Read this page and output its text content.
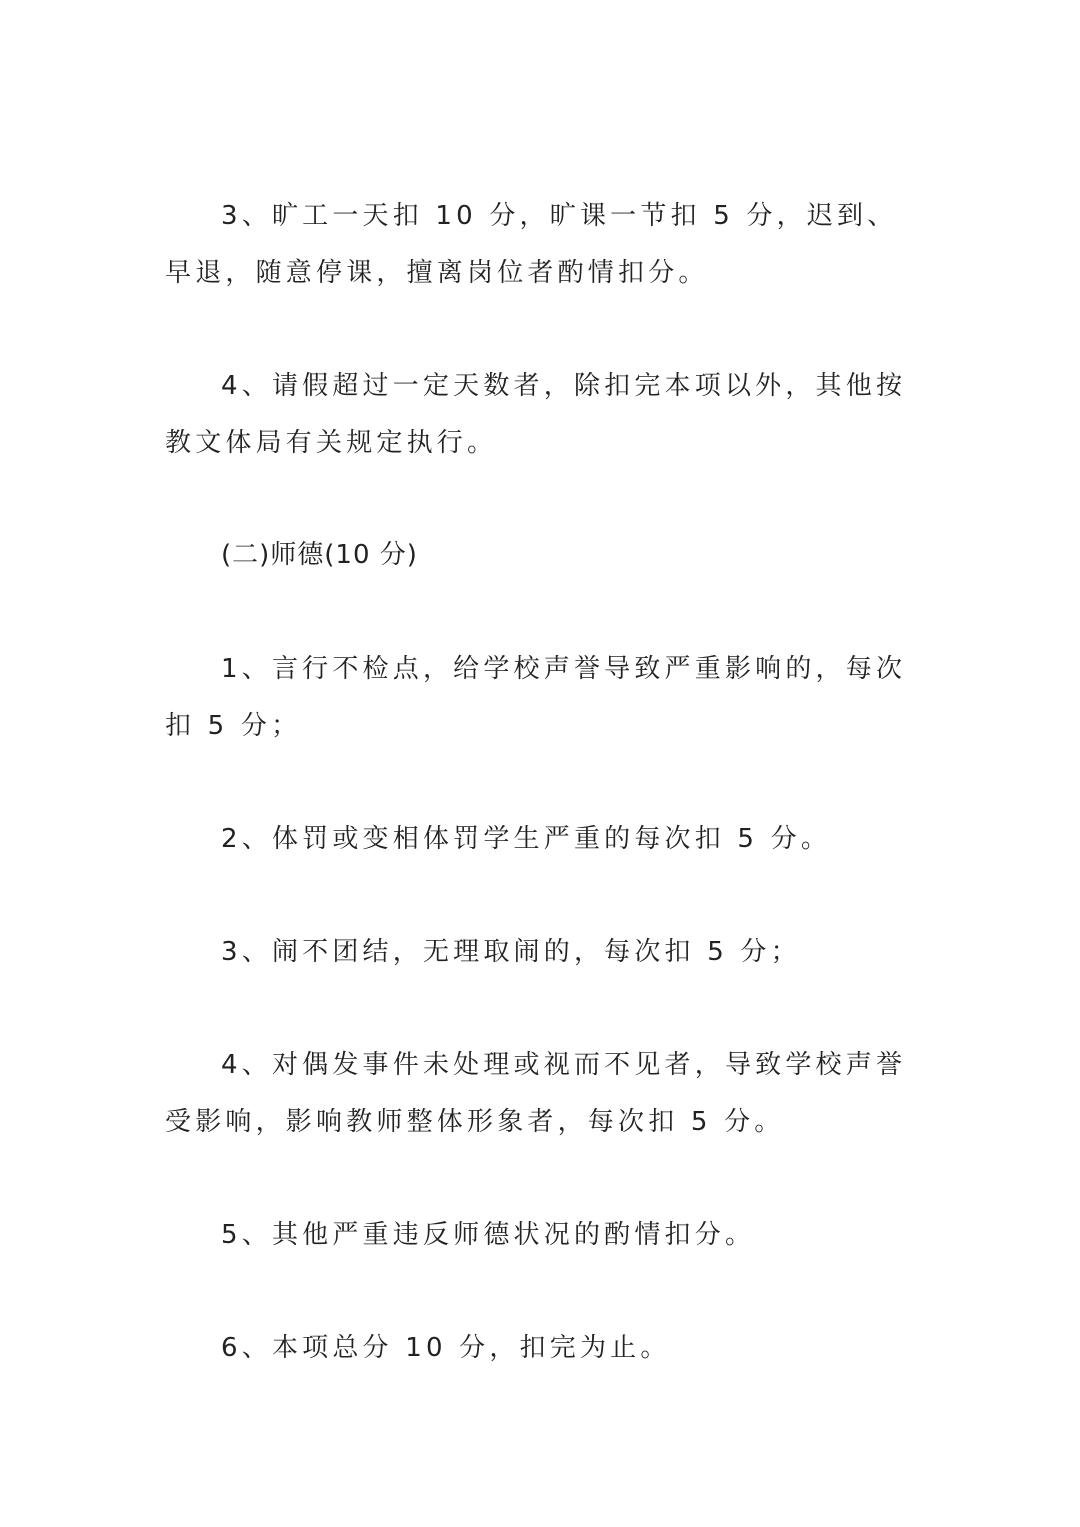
3、旷工一天扣 10 分，旷课一节扣 5 分，迟到、早退，随意停课，擅离岗位者酌情扣分。

4、请假超过一定天数者，除扣完本项以外，其他按教文体局有关规定执行。

(二)师德(10 分)

1、言行不检点，给学校声誉导致严重影响的，每次扣 5 分；

2、体罚或变相体罚学生严重的每次扣 5 分。

3、闹不团结，无理取闹的，每次扣 5 分；

4、对偶发事件未处理或视而不见者，导致学校声誉受影响，影响教师整体形象者，每次扣 5 分。

5、其他严重违反师德状况的酌情扣分。

6、本项总分 10 分，扣完为止。
